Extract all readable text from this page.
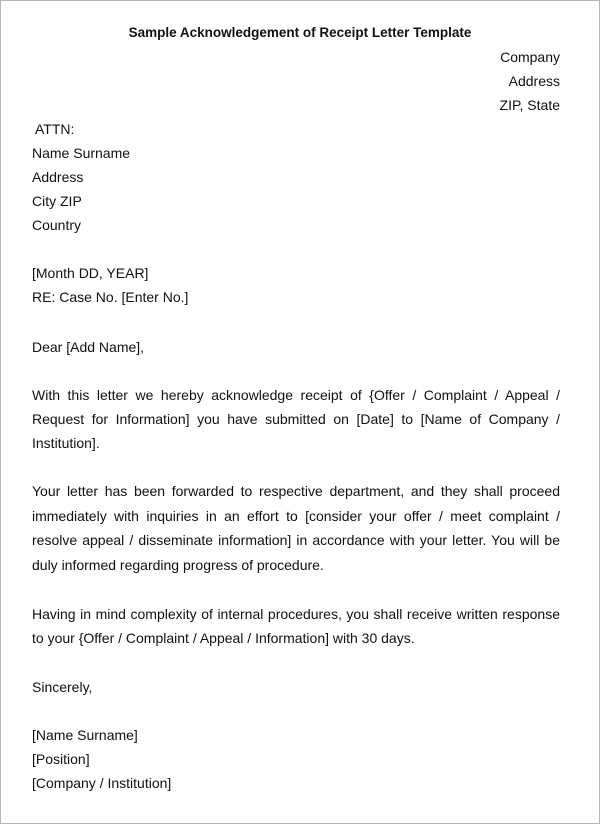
Sample Acknowledgement of Receipt Letter Template
Company
Address
ZIP, State
ATTN:
Name Surname
Address
City ZIP
Country
[Month DD, YEAR]
RE: Case No. [Enter No.]
Dear [Add Name],
With this letter we hereby acknowledge receipt of {Offer / Complaint / Appeal /
Request for Information] you have submitted on [Date] to [Name of Company /
Institution].
Your letter has been forwarded to respective department, and they shall proceed
immediately with inquiries in an effort to [consider your offer / meet complaint /
resolve appeal / disseminate information] in accordance with your letter. You will be
duly informed regarding progress of procedure.
Having in mind complexity of internal procedures, you shall receive written response
to your {Offer / Complaint / Appeal / Information] with 30 days.
Sincerely,
[Name Surname]
[Position]
[Company / Institution]
